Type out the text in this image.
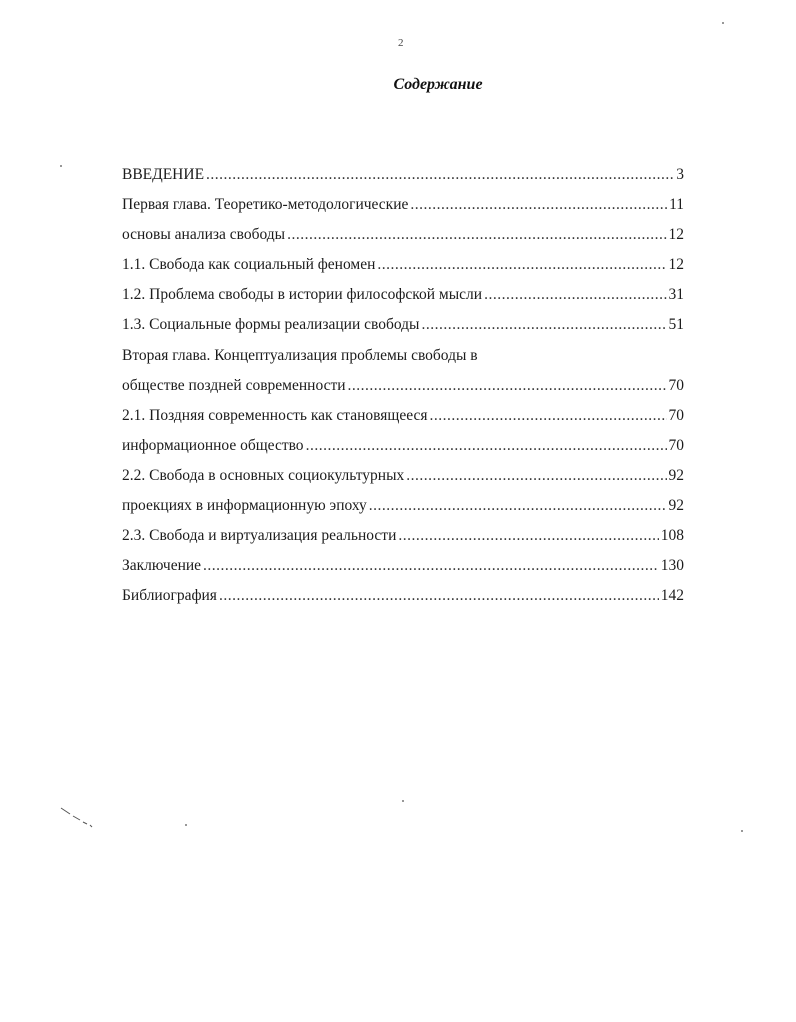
2
Содержание
ВВЕДЕНИЕ .....	3
Первая глава. Теоретико-методологические .....	11
основы анализа свободы .....	12
1.1. Свобода как социальный феномен .....	12
1.2. Проблема свободы в истории философской мысли .....	31
1.3. Социальные формы реализации свободы .....	51
Вторая глава. Концептуализация проблемы свободы в
обществе поздней современности .....	70
2.1. Поздняя современность как становящееся .....	70
информационное общество .....	70
2.2. Свобода в основных социокультурных .....	92
проекциях в информационную эпоху .....	92
2.3. Свобода и виртуализация реальности .....	108
Заключение .....	130
Библиография .....	142
